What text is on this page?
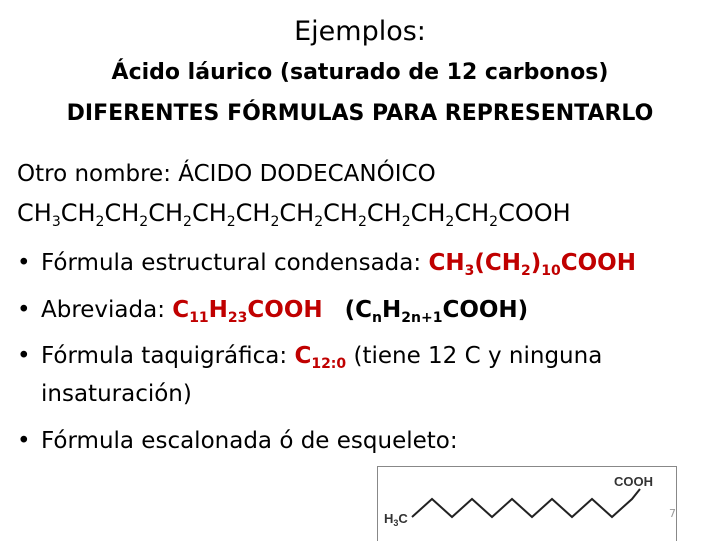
Ejemplos:
Ácido láurico (saturado de 12 carbonos)
DIFERENTES FÓRMULAS PARA REPRESENTARLO
Otro nombre: ÁCIDO DODECANÓICO
$CH_3CH_2CH_2CH_2CH_2CH_2CH_2CH_2CH_2CH_2CH_2COOH$
• Fórmula estructural condensada: $CH_3(CH_2)_{10}COOH$
• Abreviada: $C_{11}H_{23}COOH$ $(C_nH_{2n+1}COOH)$
• Fórmula taquigráfica: $C_{12:0}$ (tiene 12 C y ninguna
insaturación)
• Fórmula escalonada ó de esqueleto:
$H_3C$
COOH
7
